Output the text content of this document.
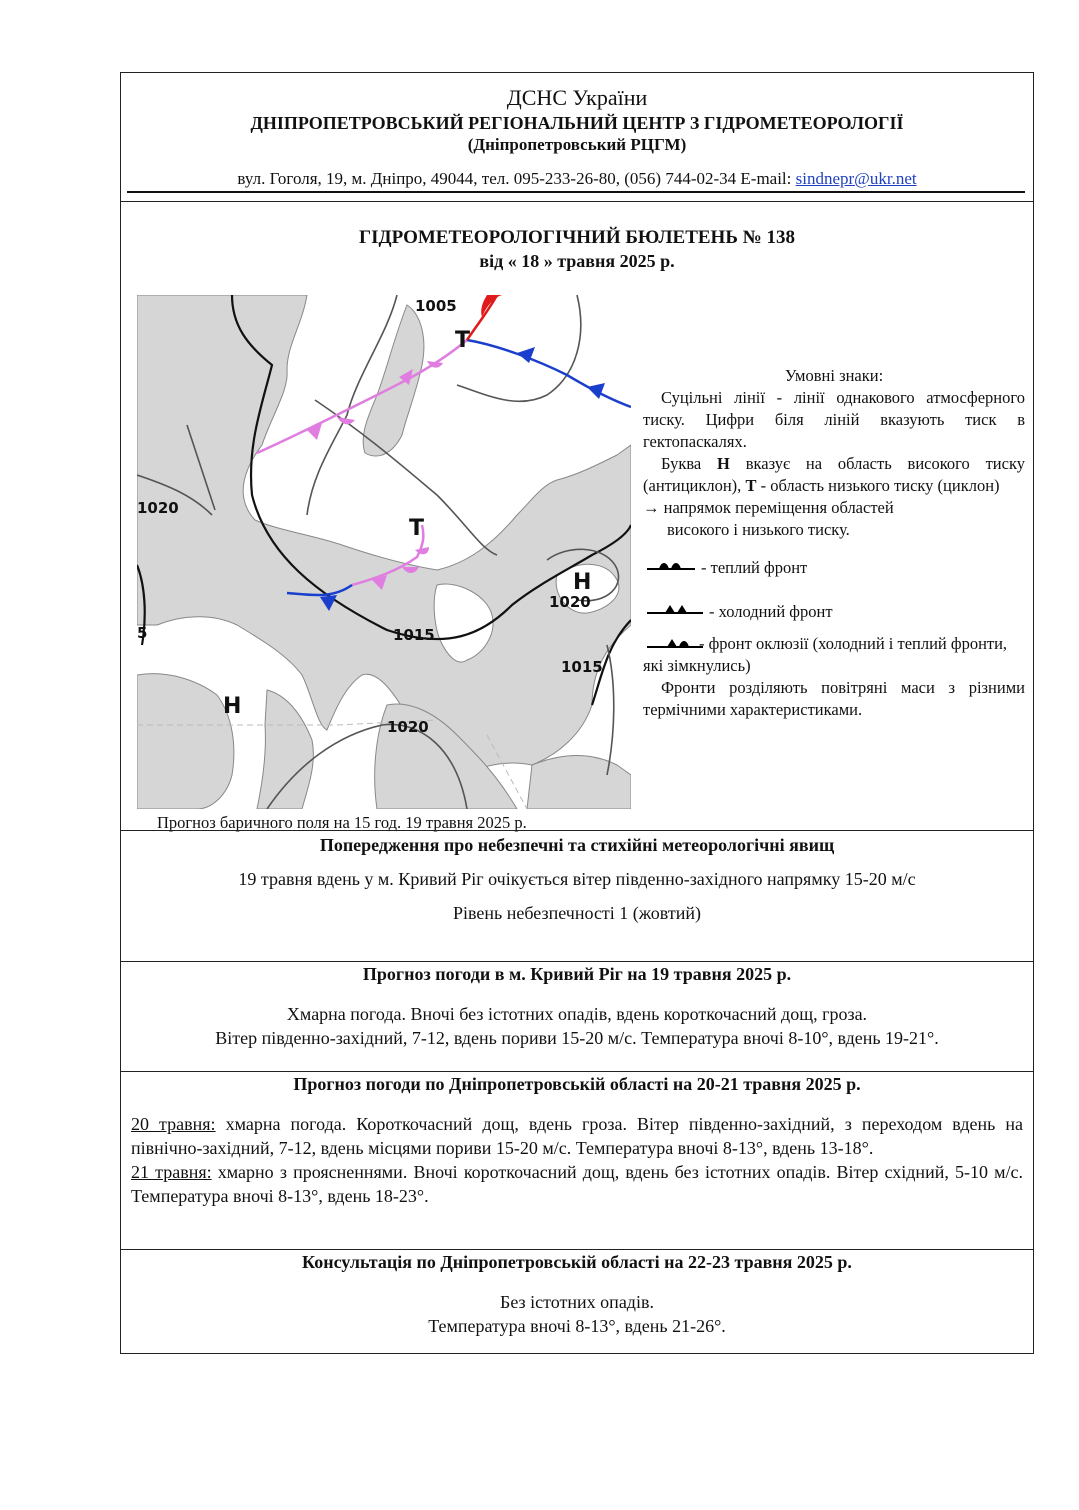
ДСНС України
ДНІПРОПЕТРОВСЬКИЙ РЕГІОНАЛЬНИЙ ЦЕНТР З ГІДРОМЕТЕОРОЛОГІЇ
(Дніпропетровський РЦГМ)
вул. Гоголя, 19, м. Дніпро, 49044, тел. 095-233-26-80, (056) 744-02-34 E-mail: sindnepr@ukr.net
ГІДРОМЕТЕОРОЛОГІЧНИЙ БЮЛЕТЕНЬ № 138
від « 18 » травня 2025 р.
1005
1020
1020
1015
1015
1020
5
Т
Т
Н
Н
Умовні знаки:
Суцільні лінії - лінії однакового атмосферного тиску. Цифри біля ліній вказують тиск в гектопаскалях.
Буква Н вказує на область високого тиску (антициклон), Т - область низького тиску (циклон)
→ напрямок переміщення областей
високого і низького тиску.
- теплий фронт
- холодний фронт
- фронт оклюзії (холодний і теплий фронти, які зімкнулись)
Фронти розділяють повітряні маси з різними термічними характеристиками.
Прогноз баричного поля на 15 год. 19 травня 2025 р.
Попередження про небезпечні та стихійні метеорологічні явищ
19 травня вдень у м. Кривий Ріг очікується вітер південно-західного напрямку 15-20 м/с
Рівень небезпечності 1 (жовтий)
Прогноз погоди в м. Кривий Ріг на 19 травня 2025 р.
Хмарна погода. Вночі без істотних опадів, вдень короткочасний дощ, гроза.
Вітер південно-західний, 7-12, вдень пориви 15-20 м/с. Температура вночі 8-10°, вдень 19-21°.
Прогноз погоди по Дніпропетровській області на 20-21 травня 2025 р.
20 травня: хмарна погода. Короткочасний дощ, вдень гроза. Вітер південно-західний, з переходом вдень на північно-західний, 7-12, вдень місцями пориви 15-20 м/с. Температура вночі 8-13°, вдень 13-18°.
21 травня: хмарно з проясненнями. Вночі короткочасний дощ, вдень без істотних опадів. Вітер східний, 5-10 м/с. Температура вночі 8-13°, вдень 18-23°.
Консультація по Дніпропетровській області на 22-23 травня 2025 р.
Без істотних опадів.
Температура вночі 8-13°, вдень 21-26°.
